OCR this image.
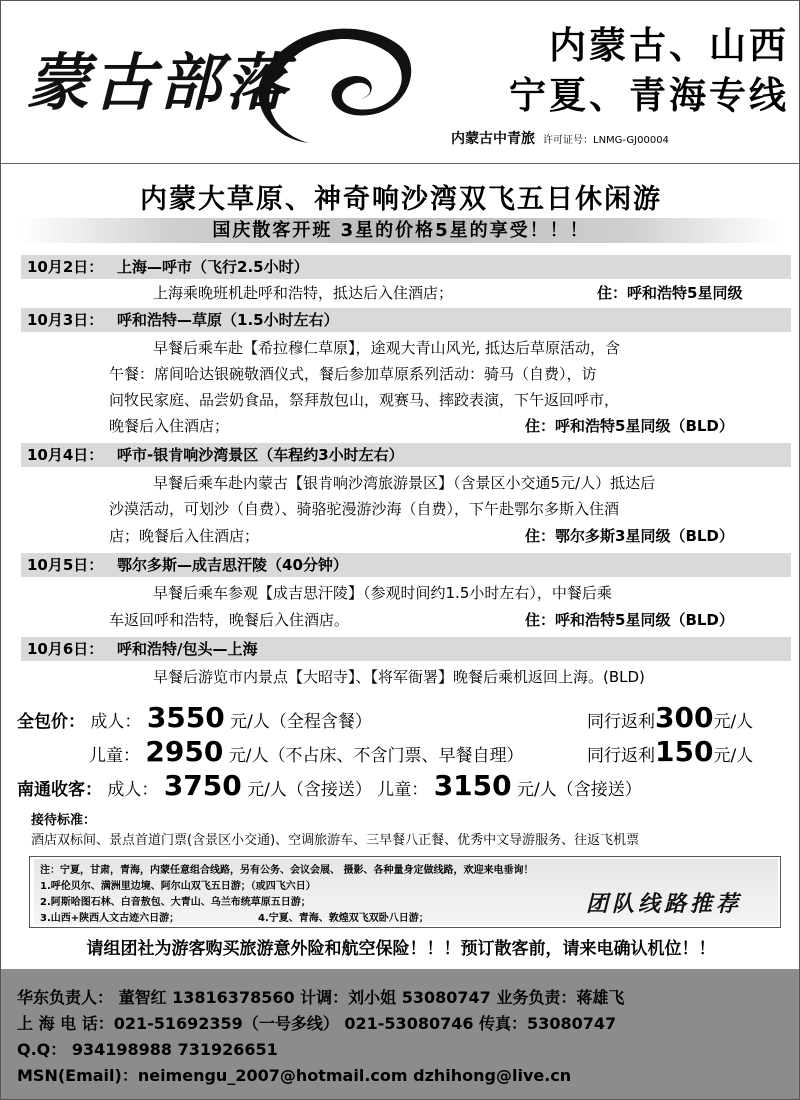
蒙古部落
内蒙古、山西
宁夏、青海专线
内蒙古中青旅 许可证号：LNMG-GJ00004
内蒙大草原、神奇响沙湾双飞五日休闲游
国庆散客开班 3星的价格5星的享受！！！
10月2日： 上海—呼市（飞行2.5小时）
上海乘晚班机赴呼和浩特，抵达后入住酒店；	住：呼和浩特5星同级
10月3日： 呼和浩特—草原（1.5小时左右）
早餐后乘车赴【希拉穆仁草原】，途观大青山风光, 抵达后草原活动，含
午餐：席间哈达银碗敬酒仪式，餐后参加草原系列活动：骑马（自费），访
问牧民家庭、品尝奶食品，祭拜敖包山，观赛马、摔跤表演，下午返回呼市，
晚餐后入住酒店；	住：呼和浩特5星同级（BLD）
10月4日： 呼市-银肯响沙湾景区（车程约3小时左右）
早餐后乘车赴内蒙古【银肯响沙湾旅游景区】（含景区小交通5元/人）抵达后
沙漠活动，可划沙（自费）、骑骆驼漫游沙海（自费），下午赴鄂尔多斯入住酒
店；晚餐后入住酒店；	住：鄂尔多斯3星同级（BLD）
10月5日： 鄂尔多斯—成吉思汗陵（40分钟）
早餐后乘车参观【成吉思汗陵】（参观时间约1.5小时左右），中餐后乘
车返回呼和浩特，晚餐后入住酒店。	住：呼和浩特5星同级（BLD）
10月6日： 呼和浩特/包头—上海
早餐后游览市内景点【大昭寺】、【将军衙署】晚餐后乘机返回上海。(BLD)
全包价： 成人： 3550 元/人（全程含餐）	同行返利300元/人
儿童： 2950 元/人（不占床、不含门票、早餐自理）	同行返利150元/人
南通收客： 成人： 3750 元/人（含接送） 儿童： 3150 元/人（含接送）
接待标准：
酒店双标间、景点首道门票(含景区小交通)、空调旅游车、三早餐八正餐、优秀中文导游服务、往返飞机票
注：宁夏，甘肃，青海，内蒙任意组合线路，另有公务、会议会展、 摄影、各种量身定做线路，欢迎来电垂询！
1.呼伦贝尔、满洲里边境、阿尔山双飞五日游；（或四飞六日）
2.阿斯哈图石林、白音敖包、大青山、乌兰布统草原五日游；
3.山西+陕西人文古迹六日游；	4.宁夏、青海、敦煌双飞双卧八日游；
团队线路推荐
请组团社为游客购买旅游意外险和航空保险！！！预订散客前，请来电确认机位！！
华东负责人： 董智红 13816378560 计调：刘小姐 53080747 业务负责：蒋雄飞
上 海 电 话：021-51692359（一号多线） 021-53080746 传真：53080747
Q.Q： 934198988 731926651
MSN(Email)：neimengu_2007@hotmail.com dzhihong@live.cn
